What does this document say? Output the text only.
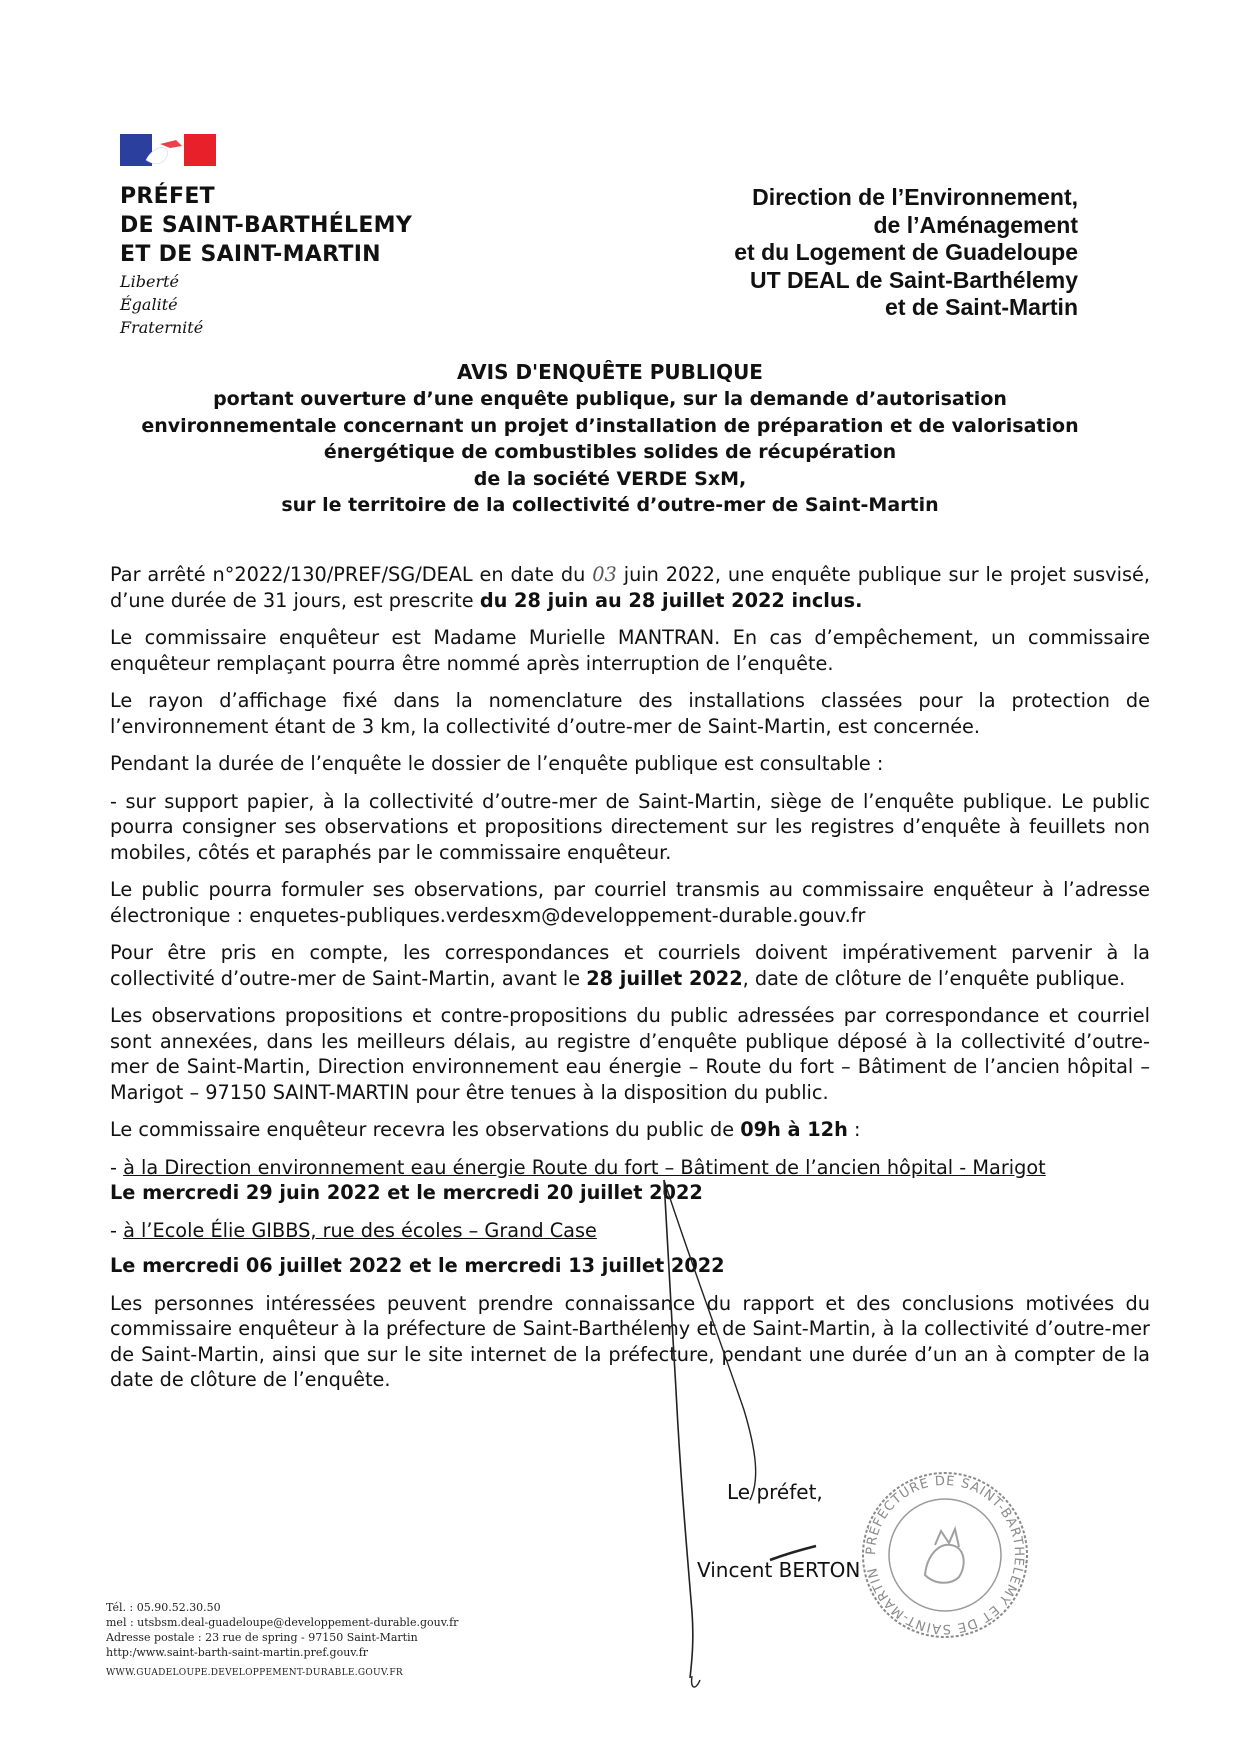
PRÉFET
DE SAINT-BARTHÉLEMY
ET DE SAINT-MARTIN
Liberté
Égalité
Fraternité
Direction de l’Environnement,
de l’Aménagement
et du Logement de Guadeloupe
UT DEAL de Saint-Barthélemy
et de Saint-Martin
AVIS D'ENQUÊTE PUBLIQUE
portant ouverture d’une enquête publique, sur la demande d’autorisation
environnementale concernant un projet d’installation de préparation et de valorisation
énergétique de combustibles solides de récupération
de la société VERDE SxM,
sur le territoire de la collectivité d’outre-mer de Saint-Martin

Par arrêté n°2022/130/PREF/SG/DEAL en date du 03 juin 2022, une enquête publique sur le projet susvisé, d’une durée de 31 jours, est prescrite du 28 juin au 28 juillet 2022 inclus.

Le commissaire enquêteur est Madame Murielle MANTRAN. En cas d’empêchement, un commissaire enquêteur remplaçant pourra être nommé après interruption de l’enquête.

Le rayon d’affichage fixé dans la nomenclature des installations classées pour la protection de l’environnement étant de 3 km, la collectivité d’outre-mer de Saint-Martin, est concernée.

Pendant la durée de l’enquête le dossier de l’enquête publique est consultable :

- sur support papier, à la collectivité d’outre-mer de Saint-Martin, siège de l’enquête publique. Le public pourra consigner ses observations et propositions directement sur les registres d’enquête à feuillets non mobiles, côtés et paraphés par le commissaire enquêteur.

Le public pourra formuler ses observations, par courriel transmis au commissaire enquêteur à l’adresse électronique : enquetes-publiques.verdesxm@developpement-durable.gouv.fr

Pour être pris en compte, les correspondances et courriels doivent impérativement parvenir à la collectivité d’outre-mer de Saint-Martin, avant le 28 juillet 2022, date de clôture de l’enquête publique.

Les observations propositions et contre-propositions du public adressées par correspondance et courriel sont annexées, dans les meilleurs délais, au registre d’enquête publique déposé à la collectivité d’outre-mer de Saint-Martin, Direction environnement eau énergie – Route du fort – Bâtiment de l’ancien hôpital – Marigot – 97150 SAINT-MARTIN pour être tenues à la disposition du public.

Le commissaire enquêteur recevra les observations du public de 09h à 12h :

- à la Direction environnement eau énergie Route du fort – Bâtiment de l’ancien hôpital - Marigot

Le mercredi 29 juin 2022 et le mercredi 20 juillet 2022

- à l’Ecole Élie GIBBS, rue des écoles – Grand Case

Le mercredi 06 juillet 2022 et le mercredi 13 juillet 2022

Les personnes intéressées peuvent prendre connaissance du rapport et des conclusions motivées du commissaire enquêteur à la préfecture de Saint-Barthélemy et de Saint-Martin, à la collectivité d’outre-mer de Saint-Martin, ainsi que sur le site internet de la préfecture, pendant une durée d’un an à compter de la date de clôture de l’enquête.

Le préfet,
Vincent BERTON
PRÉFECTURE DE SAINT-BARTHÉLEMY ET DE SAINT-MARTIN
Tél. : 05.90.52.30.50
mel : utsbsm.deal-guadeloupe@developpement-durable.gouv.fr
Adresse postale : 23 rue de spring - 97150 Saint-Martin
http:/www.saint-barth-saint-martin.pref.gouv.fr
WWW.GUADELOUPE.DEVELOPPEMENT-DURABLE.GOUV.FR
